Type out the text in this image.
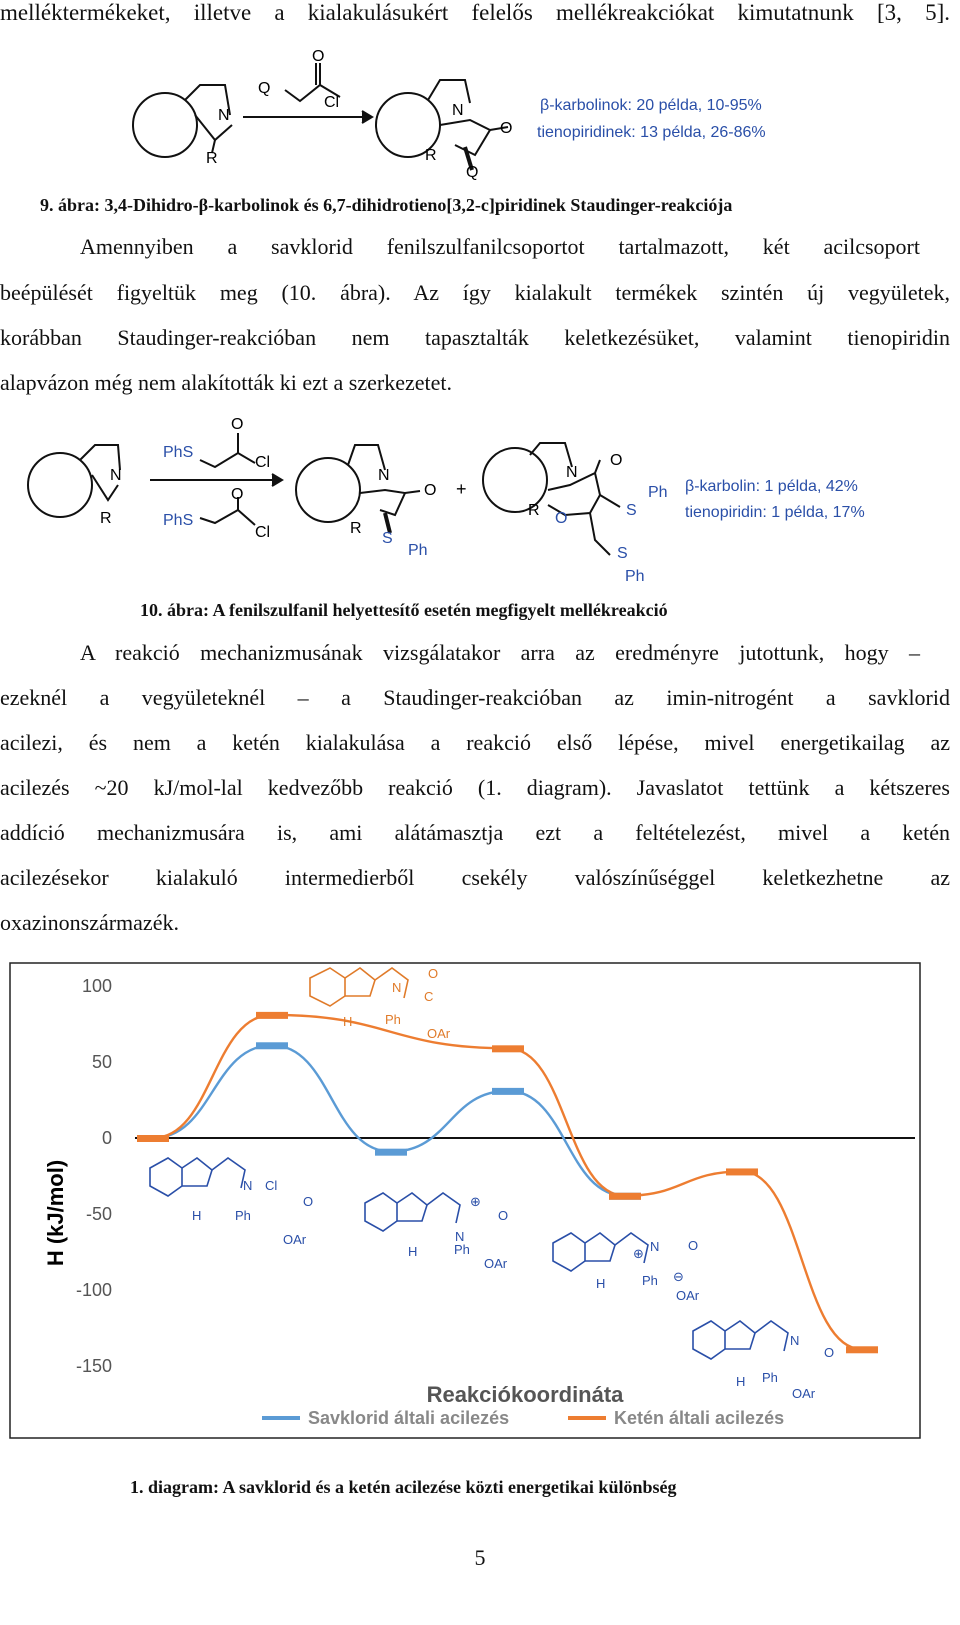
melléktermékeket, illetve a kialakulásukért felelős mellékreakciókat kimutatnunk [3, 5].
Q
O
Cl
N
R
N
O
R
Q
β-karbolinok: 20 példa, 10-95%
tienopiridinek: 13 példa, 26-86%
9. ábra: 3,4-Dihidro-β-karbolinok és 6,7-dihidrotieno[3,2-c]piridinek Staudinger-reakciója
Amennyiben a savklorid fenilszulfanilcsoportot tartalmazott, két acilcsoport
beépülését figyeltük meg (10. ábra). Az így kialakult termékek szintén új vegyületek,
korábban Staudinger-reakcióban nem tapasztalták keletkezésüket, valamint tienopiridin
alapvázon még nem alakították ki ezt a szerkezetet.
PhS
O
Cl
PhS
O
Cl
N
R
N
O
R
S
Ph
+
N
O
R O	S
Ph
S
Ph
β-karbolin: 1 példa, 42%
tienopiridin: 1 példa, 17%
10. ábra: A fenilszulfanil helyettesítő esetén megfigyelt mellékreakció
A reakció mechanizmusának vizsgálatakor arra az eredményre jutottunk, hogy –
ezeknél a vegyületeknél – a Staudinger-reakcióban az imin-nitrogént a savklorid
acilezi, és nem a ketén kialakulása a reakció első lépése, mivel energetikailag az
acilezés ~20 kJ/mol-lal kedvezőbb reakció (1. diagram). Javaslatot tettünk a kétszeres
addíció mechanizmusára is, ami alátámasztja ezt a feltételezést, mivel a ketén
acilezésekor kialakuló intermedierből csekély valószínűséggel keletkezhetne az
oxazinonszármazék.
100
50
0
-50
-100
-150
H (kJ/mol)
Reakciókoordináta
Savklorid általi acilezés	Ketén általi acilezés
N
H	Ph
O
C
OAr
N Cl
O
H	Ph
OAr	N
⊕
O
H	Ph
OAr
N
⊕
O
⊖
H	Ph
OAr
N
O
H Ph
OAr
1. diagram: A savklorid és a ketén acilezése közti energetikai különbség
5
